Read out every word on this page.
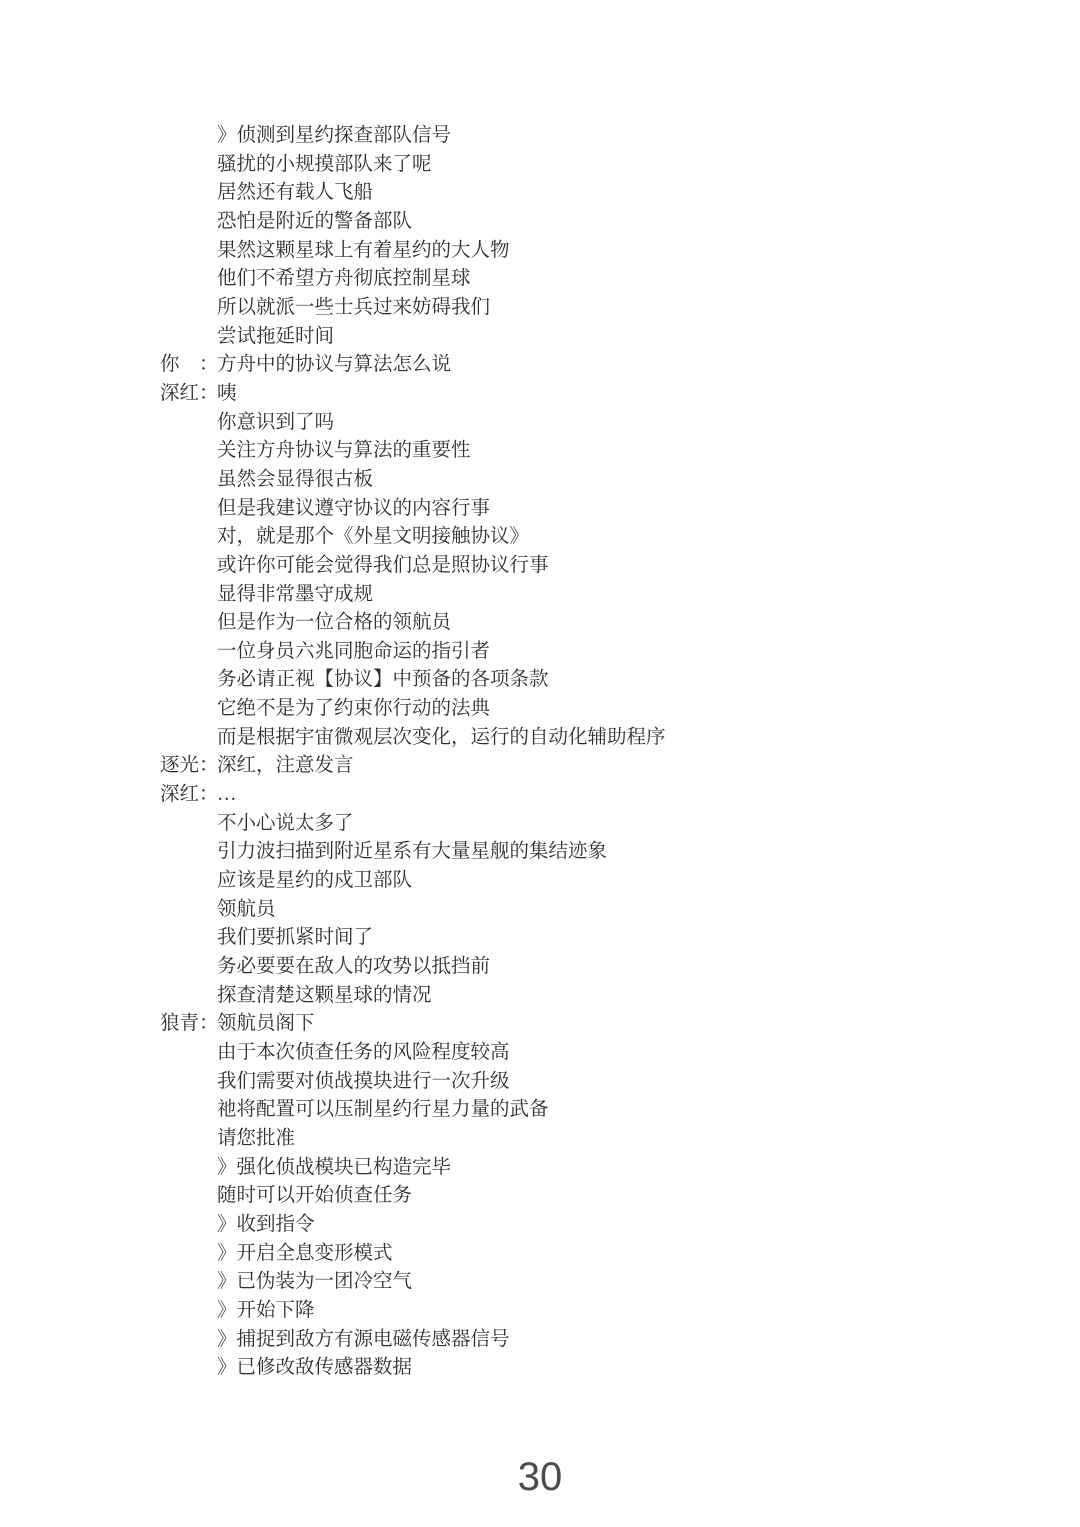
》侦测到星约探查部队信号
骚扰的小规摸部队来了呢
居然还有载人飞船
恐怕是附近的警备部队
果然这颗星球上有着星约的大人物
他们不希望方舟彻底控制星球
所以就派一些士兵过来妨碍我们
尝试拖延时间
你　：
方舟中的协议与算法怎么说
深红：
咦
你意识到了吗
关注方舟协议与算法的重要性
虽然会显得很古板
但是我建议遵守协议的内容行事
对，就是那个《外星文明接触协议》
或许你可能会觉得我们总是照协议行事
显得非常墨守成规
但是作为一位合格的领航员
一位身员六兆同胞命运的指引者
务必请正视【协议】中预备的各项条款
它绝不是为了约束你行动的法典
而是根据宇宙微观层次变化，运行的自动化辅助程序
逐光：
深红，注意发言
深红：
…
不小心说太多了
引力波扫描到附近星系有大量星舰的集结迹象
应该是星约的戍卫部队
领航员
我们要抓紧时间了
务必要要在敌人的攻势以抵挡前
探查清楚这颗星球的情况
狼青：
领航员阁下
由于本次侦查任务的风险程度较高
我们需要对侦战摸块进行一次升级
祂将配置可以压制星约行星力量的武备
请您批准
》强化侦战模块已构造完毕
随时可以开始侦查任务
》收到指令
》开启全息变形模式
》已伪装为一团冷空气
》开始下降
》捕捉到敌方有源电磁传感器信号
》已修改敌传感器数据
30
